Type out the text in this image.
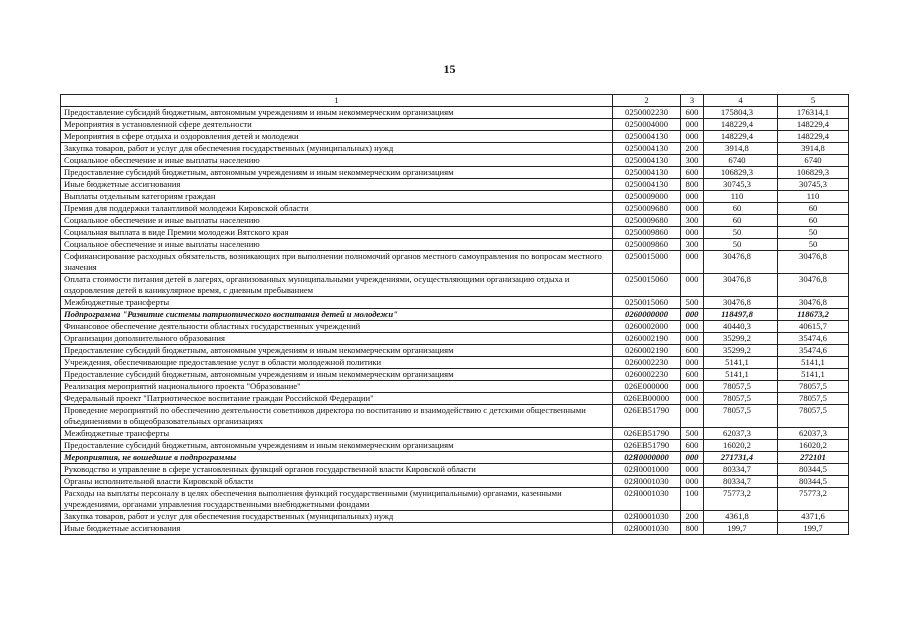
15
1	2	3	4	5
Предоставление субсидий бюджетным, автономным учреждениям и иным некоммерческим организациям	0250002230	600	175804,3	176314,1
Мероприятия в установленной сфере деятельности	0250004000	000	148229,4	148229,4
Мероприятия в сфере отдыха и оздоровления детей и молодежи	0250004130	000	148229,4	148229,4
Закупка товаров, работ и услуг для обеспечения государственных (муниципальных) нужд	0250004130	200	3914,8	3914,8
Социальное обеспечение и иные выплаты населению	0250004130	300	6740	6740
Предоставление субсидий бюджетным, автономным учреждениям и иным некоммерческим организациям	0250004130	600	106829,3	106829,3
Иные бюджетные ассигнования	0250004130	800	30745,3	30745,3
Выплаты отдельным категориям граждан	0250009000	000	110	110
Премия для поддержки талантливой молодежи Кировской области	0250009680	000	60	60
Социальное обеспечение и иные выплаты населению	0250009680	300	60	60
Социальная выплата в виде Премии молодежи Вятского края	0250009860	000	50	50
Социальное обеспечение и иные выплаты населению	0250009860	300	50	50
Софинансирование расходных обязательств, возникающих при выполнении полномочий органов местного самоуправления по вопросам местного значения	0250015000	000	30476,8	30476,8
Оплата стоимости питания детей в лагерях, организованных муниципальными учреждениями, осуществляющими организацию отдыха и оздоровления детей в каникулярное время, с дневным пребыванием	0250015060	000	30476,8	30476,8
Межбюджетные трансферты	0250015060	500	30476,8	30476,8
Подпрограмма "Развитие системы патриотического воспитания детей и молодежи"	0260000000	000	118497,8	118673,2
Финансовое обеспечение деятельности областных государственных учреждений	0260002000	000	40440,3	40615,7
Организации дополнительного образования	0260002190	000	35299,2	35474,6
Предоставление субсидий бюджетным, автономным учреждениям и иным некоммерческим организациям	0260002190	600	35299,2	35474,6
Учреждения, обеспечивающие предоставление услуг в области молодежной политики	0260002230	000	5141,1	5141,1
Предоставление субсидий бюджетным, автономным учреждениям и иным некоммерческим организациям	0260002230	600	5141,1	5141,1
Реализация мероприятий национального проекта "Образование"	026E000000	000	78057,5	78057,5
Федеральный проект "Патриотическое воспитание граждан Российской Федерации"	026EB00000	000	78057,5	78057,5
Проведение мероприятий по обеспечению деятельности советников директора по воспитанию и взаимодействию с детскими общественными объединениями в общеобразовательных организациях	026EB51790	000	78057,5	78057,5
Межбюджетные трансферты	026EB51790	500	62037,3	62037,3
Предоставление субсидий бюджетным, автономным учреждениям и иным некоммерческим организациям	026EB51790	600	16020,2	16020,2
Мероприятия, не вошедшие в подпрограммы	02Я0000000	000	271731,4	272101
Руководство и управление в сфере установленных функций органов государственной власти Кировской области	02Я0001000	000	80334,7	80344,5
Органы исполнительной власти Кировской области	02Я0001030	000	80334,7	80344,5
Расходы на выплаты персоналу в целях обеспечения выполнения функций государственными (муниципальными) органами, казенными учреждениями, органами управления государственными внебюджетными фондами	02Я0001030	100	75773,2	75773,2
Закупка товаров, работ и услуг для обеспечения государственных (муниципальных) нужд	02Я0001030	200	4361,8	4371,6
Иные бюджетные ассигнования	02Я0001030	800	199,7	199,7
